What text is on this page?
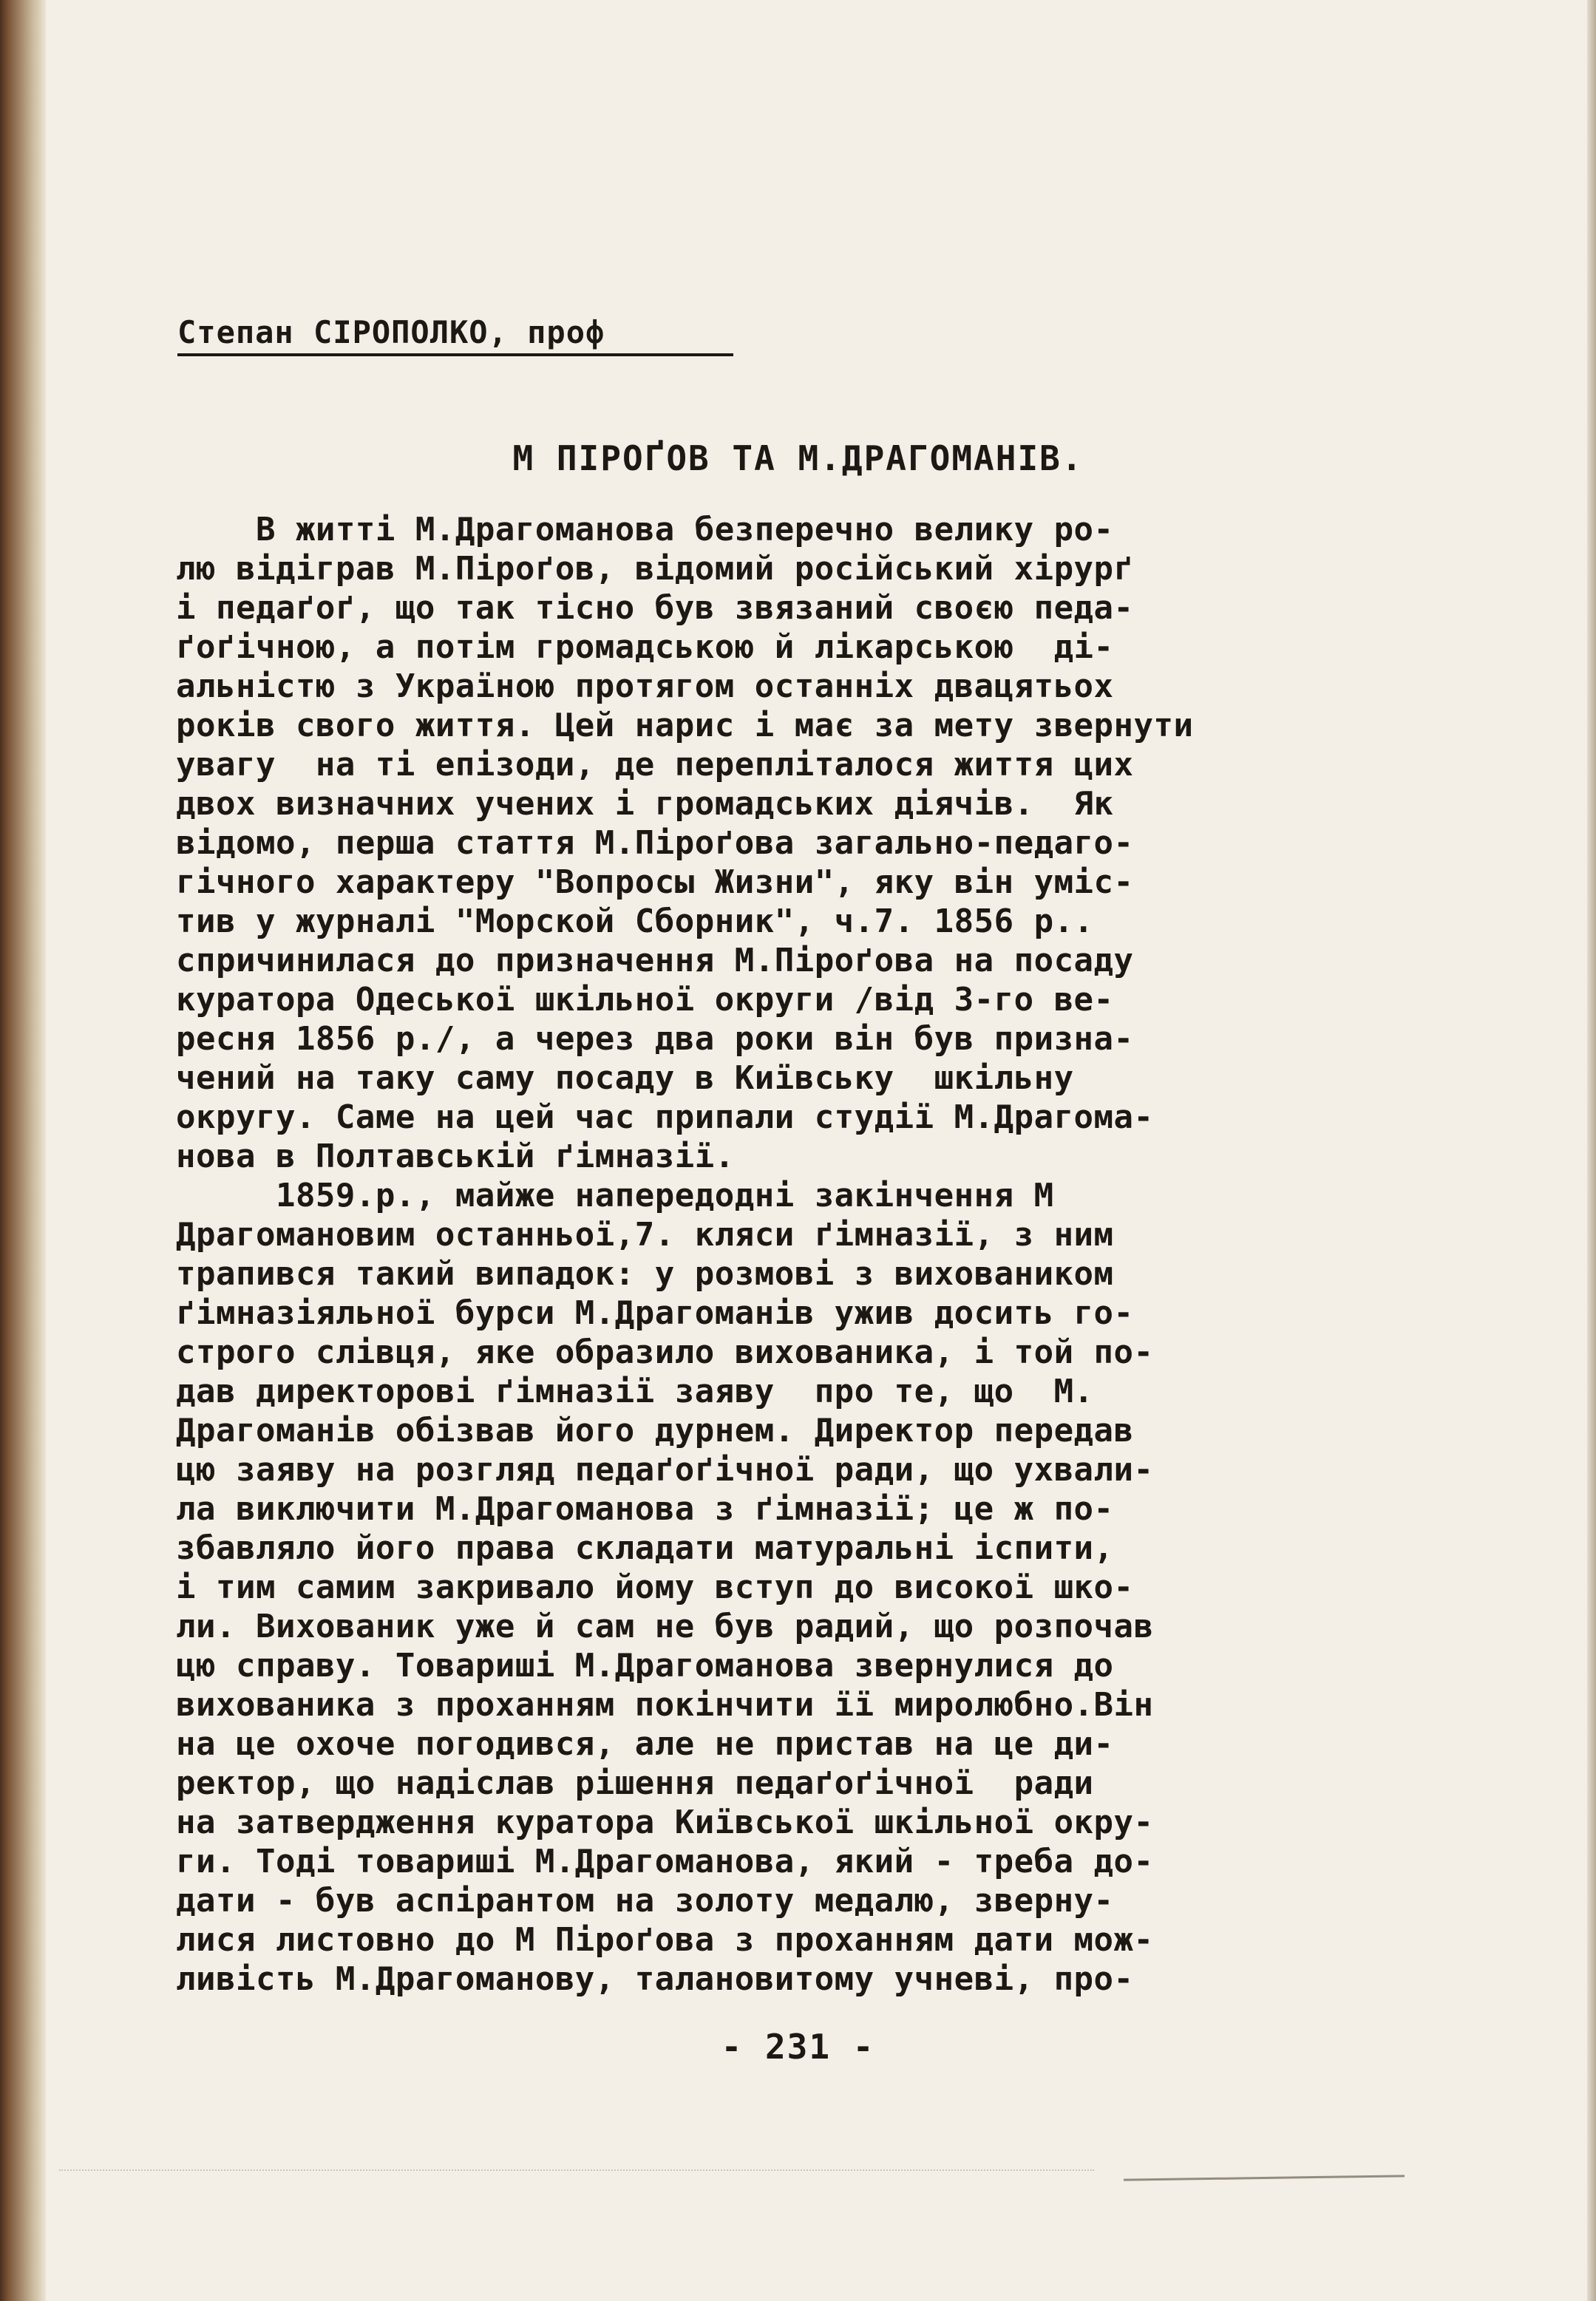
Степан СІРОПОЛКО, проф
М ПІРОҐОВ ТА М.ДРАГОМАНІВ.
В житті М.Драгоманова безперечно велику ро-
лю відіграв М.Піроґов, відомий російський хірурґ
і педаґоґ, що так тісно був звязаний своєю педа-
ґоґічною, а потім громадською й лікарською  ді-
альністю з Україною протягом останніх двацятьох
років свого життя. Цей нарис і має за мету звернути
увагу  на ті епізоди, де перепліталося життя цих
двох визначних учених і громадських діячів.  Як
відомо, перша стаття М.Піроґова загально-педаго-
гічного характеру "Вопросы Жизни", яку він уміс-
тив у журналі "Морской Сборник", ч.7. 1856 р..
спричинилася до призначення М.Піроґова на посаду
куратора Одеської шкільної округи /від 3-го ве-
ресня 1856 р./, а через два роки він був призна-
чений на таку саму посаду в Київську  шкільну
округу. Саме на цей час припали студії М.Драгома-
нова в Полтавській ґімназії.
1859.р., майже напередодні закінчення М
Драгомановим останньої,7. кляси ґімназії, з ним
трапився такий випадок: у розмові з виховаником
ґімназіяльної бурси М.Драгоманів ужив досить го-
строго слівця, яке образило вихованика, і той по-
дав директорові ґімназії заяву  про те, що  М.
Драгоманів обізвав його дурнем. Директор передав
цю заяву на розгляд педаґоґічної ради, що ухвали-
ла виключити М.Драгоманова з ґімназії; це ж по-
збавляло його права складати матуральні іспити,
і тим самим закривало йому вступ до високої шко-
ли. Вихованик уже й сам не був радий, що розпочав
цю справу. Товариші М.Драгоманова звернулися до
вихованика з проханням покінчити її миролюбно.Він
на це охоче погодився, але не пристав на це ди-
ректор, що надіслав рішення педаґоґічної  ради
на затвердження куратора Київської шкільної окру-
ги. Тоді товариші М.Драгоманова, який - треба до-
дати - був аспірантом на золоту медалю, зверну-
лися листовно до М Піроґова з проханням дати мож-
ливість М.Драгоманову, талановитому учневі, про-
- 231 -
